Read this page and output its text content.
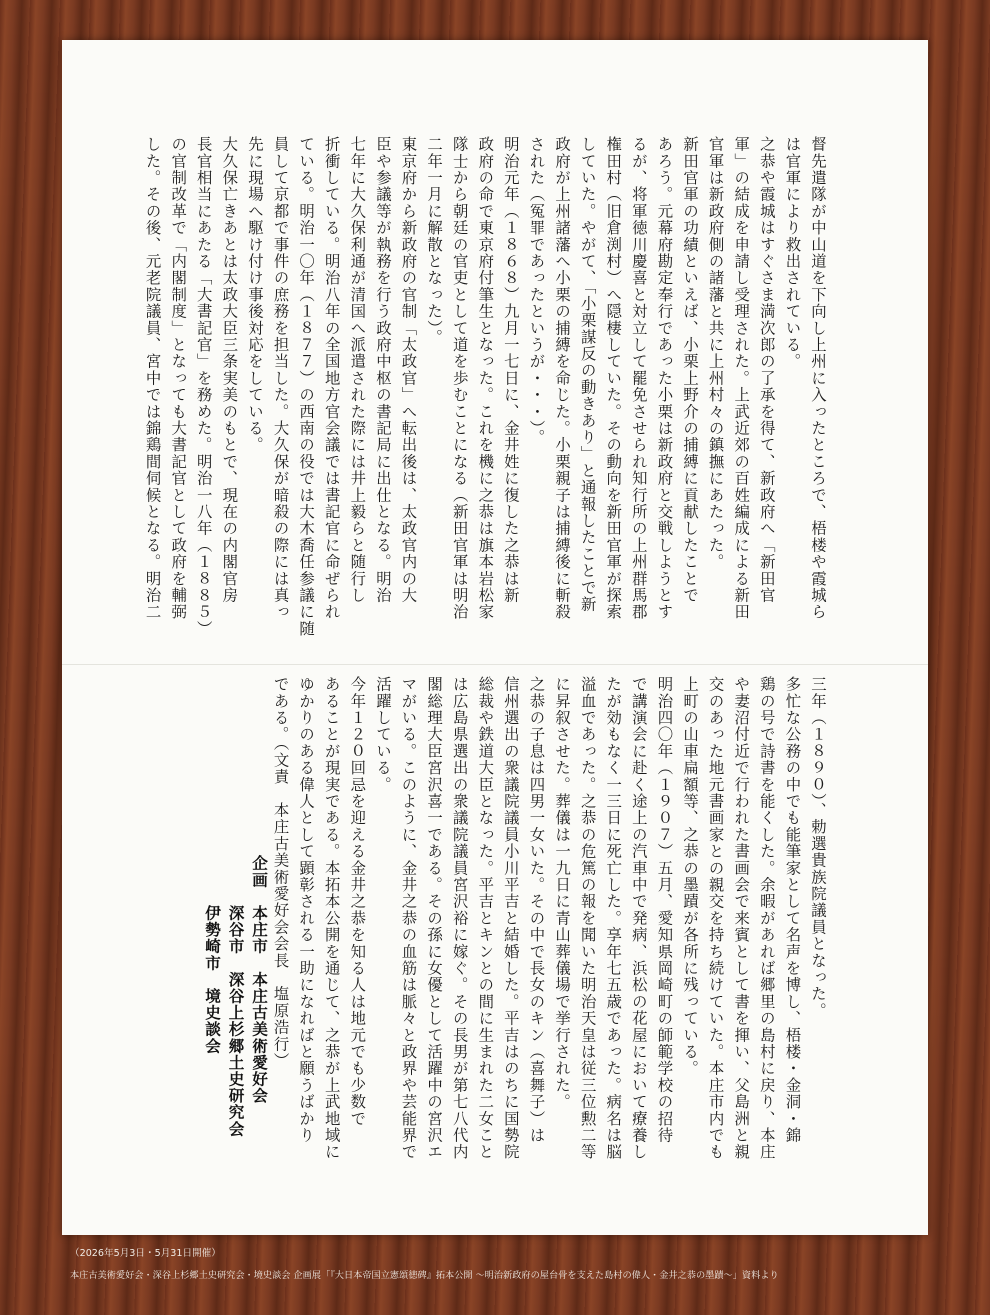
督先遣隊が中山道を下向し上州に入ったところで、梧楼や霞城ら
は官軍により救出されている。
之恭や霞城はすぐさま満次郎の了承を得て、新政府へ「新田官
軍」の結成を申請し受理された。上武近郊の百姓編成による新田
官軍は新政府側の諸藩と共に上州村々の鎮撫にあたった。
新田官軍の功績といえば、小栗上野介の捕縛に貢献したことで
あろう。元幕府勘定奉行であった小栗は新政府と交戦しようとす
るが、将軍徳川慶喜と対立して罷免させられ知行所の上州群馬郡
権田村（旧倉渕村）へ隠棲していた。その動向を新田官軍が探索
していた。やがて、「小栗謀反の動きあり」と通報したことで新
政府が上州諸藩へ小栗の捕縛を命じた。小栗親子は捕縛後に斬殺
された（冤罪であったというが・・・）。
明治元年（１８６８）九月一七日に、金井姓に復した之恭は新
政府の命で東京府付筆生となった。これを機に之恭は旗本岩松家
隊士から朝廷の官吏として道を歩むことになる（新田官軍は明治
二年一月に解散となった）。
東京府から新政府の官制「太政官」へ転出後は、太政官内の大
臣や参議等が執務を行う政府中枢の書記局に出仕となる。明治
七年に大久保利通が清国へ派遣された際には井上毅らと随行し
折衝している。明治八年の全国地方官会議では書記官に命ぜられ
ている。明治一〇年（１８７７）の西南の役では大木喬任参議に随
員して京都で事件の庶務を担当した。大久保が暗殺の際には真っ
先に現場へ駆け付け事後対応をしている。
大久保亡きあとは太政大臣三条実美のもとで、現在の内閣官房
長官相当にあたる「大書記官」を務めた。明治一八年（１８８５）
の官制改革で「内閣制度」となっても大書記官として政府を輔弼
した。その後、元老院議員、宮中では錦鶏間伺候となる。明治二
三年（１８９０）、勅選貴族院議員となった。
多忙な公務の中でも能筆家として名声を博し、梧楼・金洞・錦
鶏の号で詩書を能くした。余暇があれば郷里の島村に戻り、本庄
や妻沼付近で行われた書画会で来賓として書を揮い、父島洲と親
交のあった地元書画家との親交を持ち続けていた。本庄市内でも
上町の山車扁額等、之恭の墨蹟が各所に残っている。
明治四〇年（１９０７）五月、愛知県岡崎町の師範学校の招待
で講演会に赴く途上の汽車中で発病、浜松の花屋において療養し
たが効もなく一三日に死亡した。享年七五歳であった。病名は脳
溢血であった。之恭の危篤の報を聞いた明治天皇は従三位勲二等
に昇叙させた。葬儀は一九日に青山葬儀場で挙行された。
之恭の子息は四男一女いた。その中で長女のキン（喜舞子）は
信州選出の衆議院議員小川平吉と結婚した。平吉はのちに国勢院
総裁や鉄道大臣となった。平吉とキンとの間に生まれた二女こと
は広島県選出の衆議院議員宮沢裕に嫁ぐ。その長男が第七八代内
閣総理大臣宮沢喜一である。その孫に女優として活躍中の宮沢エ
マがいる。このように、金井之恭の血筋は脈々と政界や芸能界で
活躍している。
今年１２０回忌を迎える金井之恭を知る人は地元でも少数で
あることが現実である。本拓本公開を通じて、之恭が上武地域に
ゆかりのある偉人として顕彰される一助になればと願うばかり
である。（文責　本庄古美術愛好会会長　塩原浩行）
企画　本庄市　本庄古美術愛好会
　　　深谷市　深谷上杉郷土史研究会
　　　伊勢崎市　境史談会
（2026年5月3日・5月31日開催）
本庄古美術愛好会・深谷上杉郷土史研究会・境史談会 企画展「『大日本帝国立憲頌徳碑』拓本公開 ～明治新政府の屋台骨を支えた島村の偉人・金井之恭の墨蹟～」資料より
